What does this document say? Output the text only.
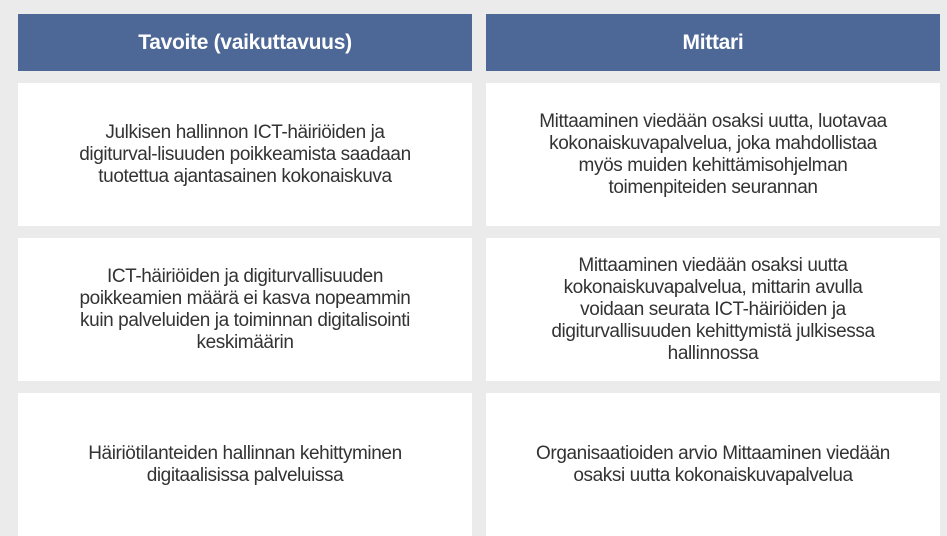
Tavoite (vaikuttavuus)	Mittari
Julkisen hallinnon ICT-häiriöiden ja digiturval-lisuuden poikkeamista saadaan tuotettua ajantasainen kokonaiskuva
Mittaaminen viedään osaksi uutta, luotavaa kokonaiskuvapalvelua, joka mahdollistaa myös muiden kehittämisohjelman toimenpiteiden seurannan
ICT-häiriöiden ja digiturvallisuuden poikkeamien määrä ei kasva nopeammin kuin palveluiden ja toiminnan digitalisointi keskimäärin
Mittaaminen viedään osaksi uutta kokonaiskuvapalvelua, mittarin avulla voidaan seurata ICT-häiriöiden ja digiturvallisuuden kehittymistä julkisessa hallinnossa
Häiriötilanteiden hallinnan kehittyminen digitaalisissa palveluissa
Organisaatioiden arvio Mittaaminen viedään osaksi uutta kokonaiskuvapalvelua
